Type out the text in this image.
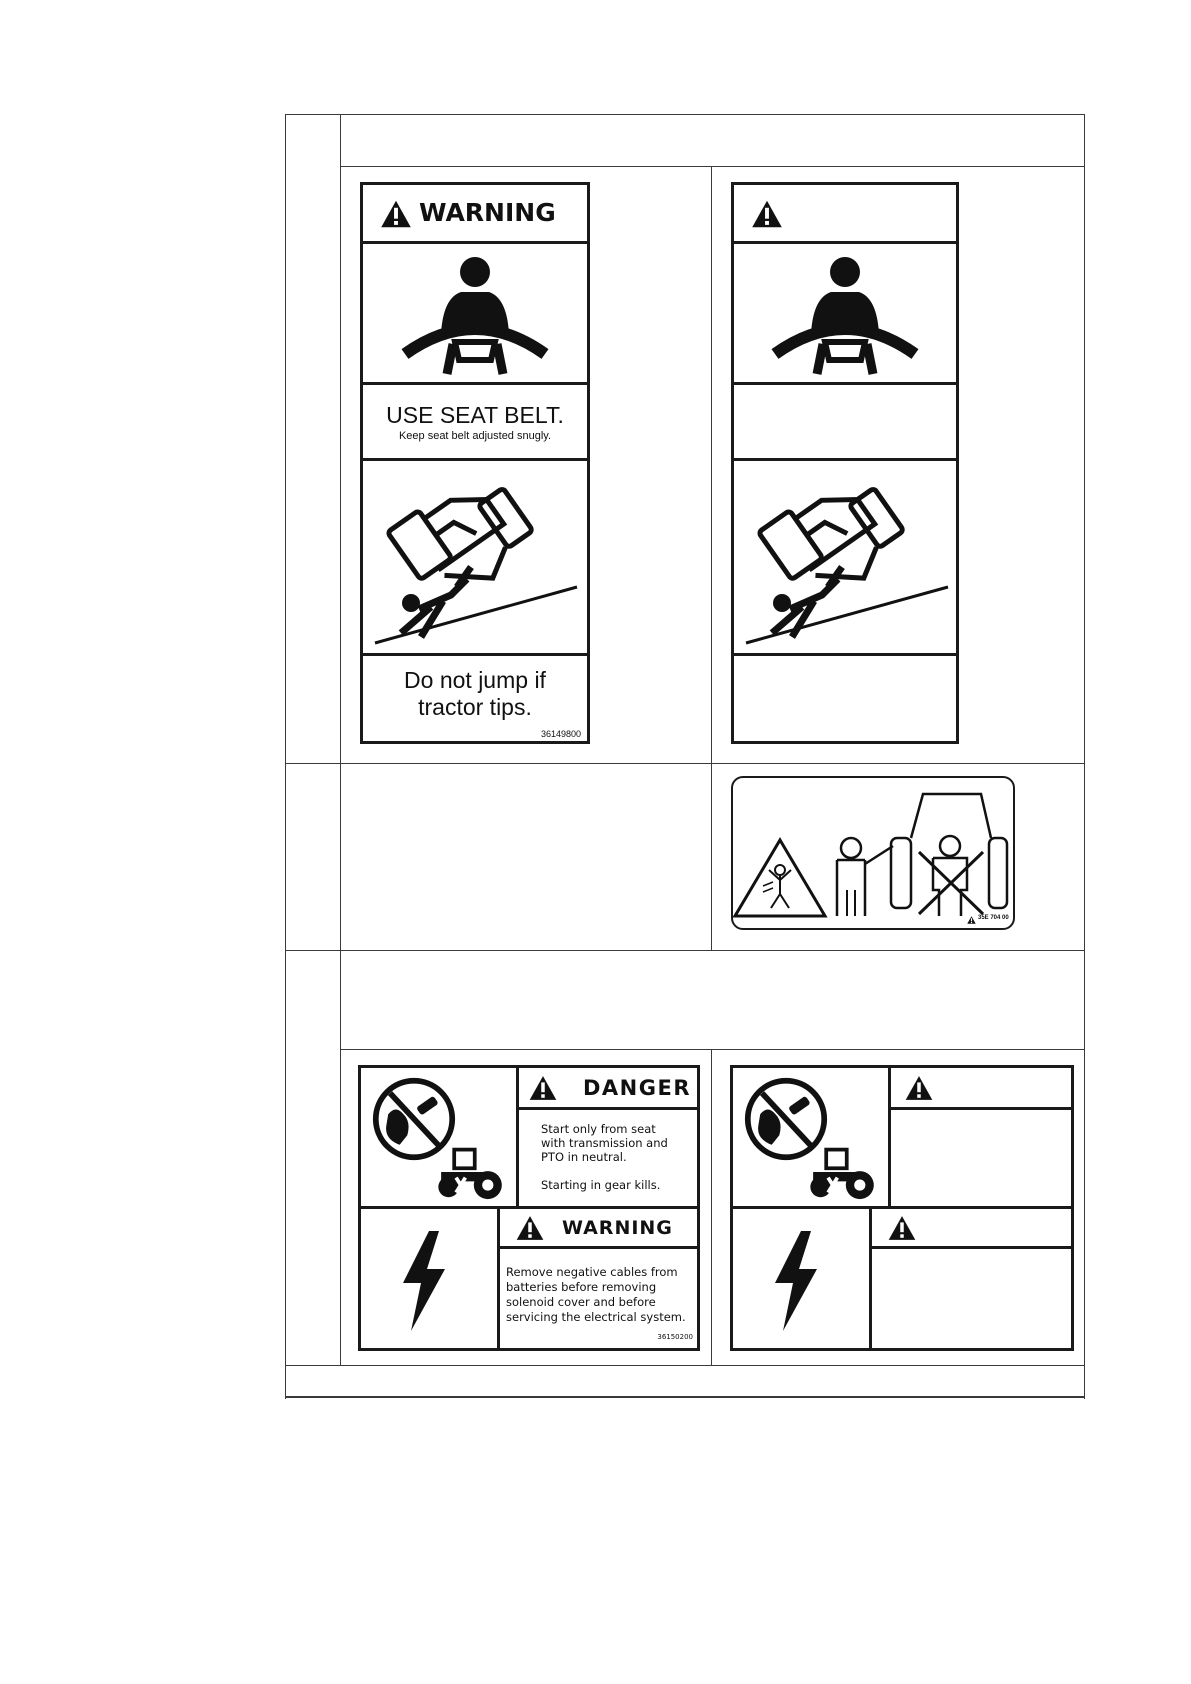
WARNING
USE SEAT BELT.
Keep seat belt adjusted snugly.
Do not jump if
tractor tips.
36149800
35E 704 00
DANGER
Start only from seat
with transmission and
PTO in neutral.
Starting in gear kills.
WARNING
Remove negative cables from
batteries before removing
solenoid cover and before
servicing the electrical system.
36150200
